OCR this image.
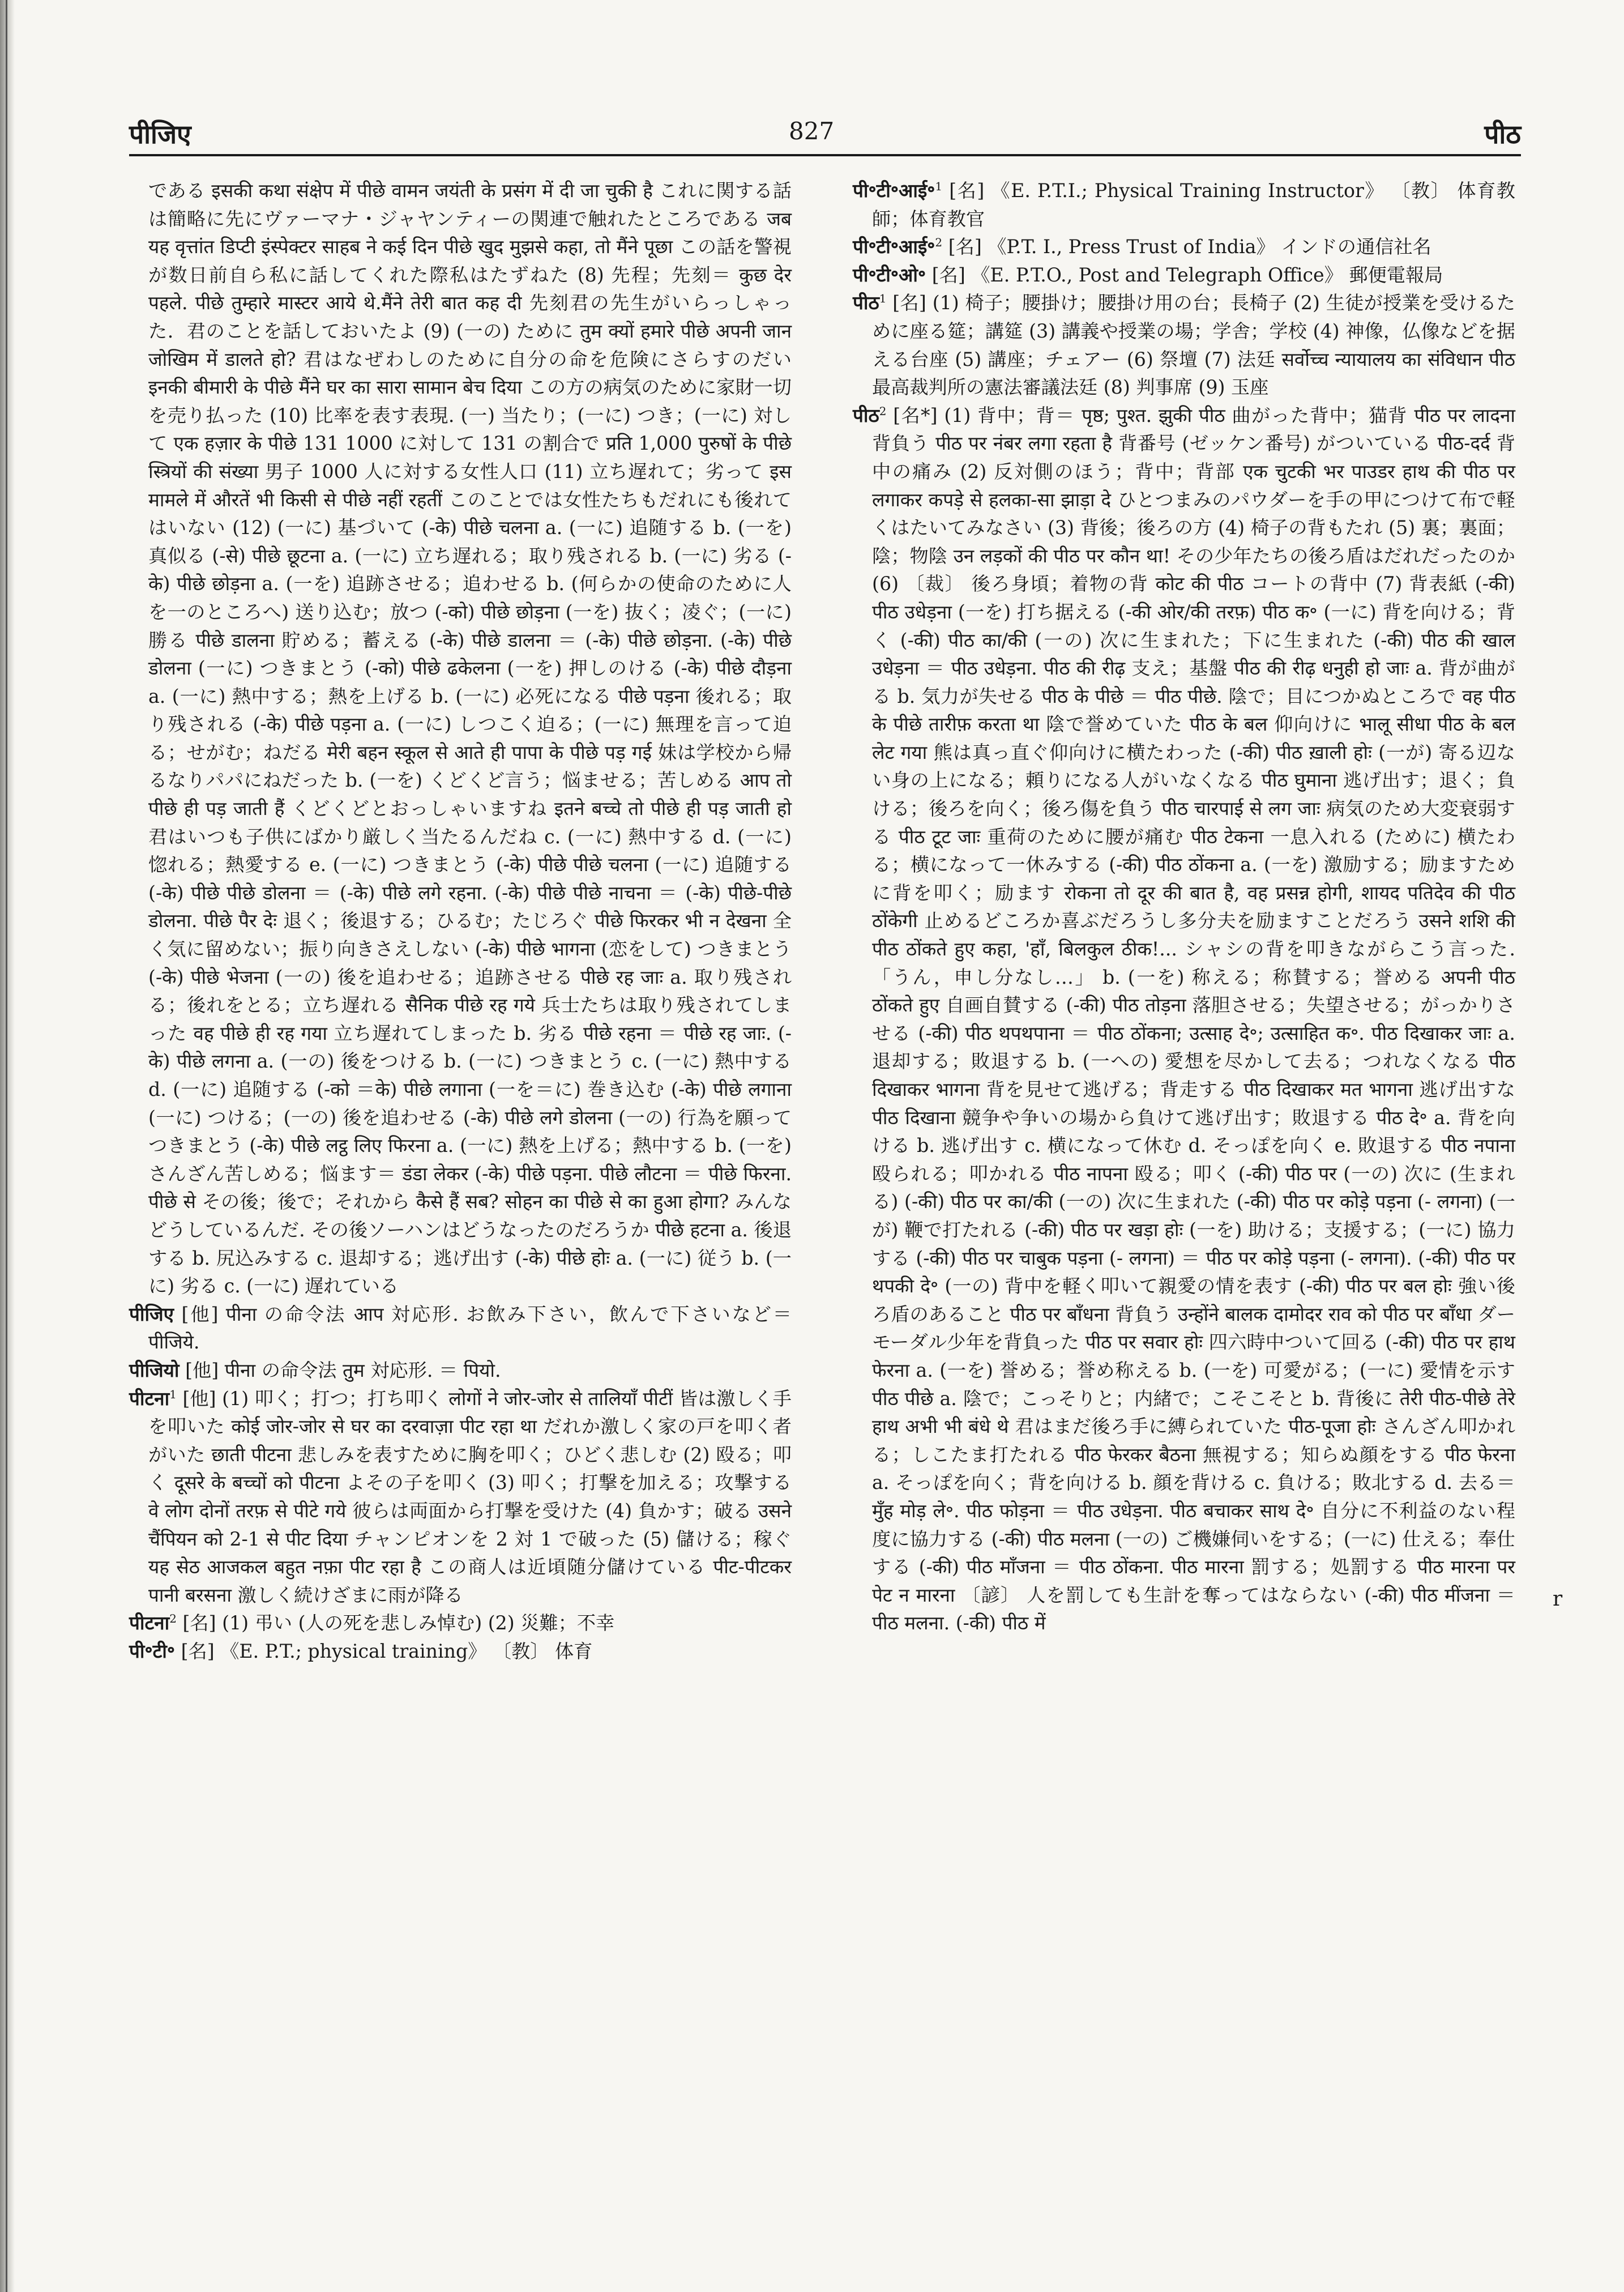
पीजिए	827	पीठ

である इसकी कथा संक्षेप में पीछे वामन जयंती के प्रसंग में दी जा चुकी है これに関する話は簡略に先にヴァーマナ・ジャヤンティーの関連で触れたところである जब यह वृत्तांत डिप्टी इंस्पेक्टर साहब ने कई दिन पीछे खुद मुझसे कहा, तो मैंने पूछा この話を警視が数日前自ら私に話してくれた際私はたずねた (8) 先程；先刻＝ कुछ देर पहले. पीछे तुम्हारे मास्टर आये थे.मैंने तेरी बात कह दी 先刻君の先生がいらっしゃった．君のことを話しておいたよ (9) (一の) ために तुम क्यों हमारे पीछे अपनी जान जोखिम में डालते हो? 君はなぜわしのために自分の命を危険にさらすのだい इनकी बीमारी के पीछे मैंने घर का सारा सामान बेच दिया この方の病気のために家財一切を売り払った (10) 比率を表す表現. (一) 当たり；(一に) つき；(一に) 対して एक हज़ार के पीछे 131 1000 に対して 131 の割合で प्रति 1,000 पुरुषों के पीछे स्त्रियों की संख्या 男子 1000 人に対する女性人口 (11) 立ち遅れて；劣って इस मामले में औरतें भी किसी से पीछे नहीं रहतीं このことでは女性たちもだれにも後れてはいない (12) (一に) 基づいて (-के) पीछे चलना a. (一に) 追随する b. (一を) 真似る (-से) पीछे छूटना a. (一に) 立ち遅れる；取り残される b. (一に) 劣る (-के) पीछे छोड़ना a. (一を) 追跡させる；追わせる b. (何らかの使命のために人を一のところへ) 送り込む；放つ (-को) पीछे छोड़ना (一を) 抜く；凌ぐ；(一に) 勝る पीछे डालना 貯める；蓄える (-के) पीछे डालना ＝ (-के) पीछे छोड़ना. (-के) पीछे डोलना (一に) つきまとう (-को) पीछे ढकेलना (一を) 押しのける (-के) पीछे दौड़ना a. (一に) 熱中する；熱を上げる b. (一に) 必死になる पीछे पड़ना 後れる；取り残される (-के) पीछे पड़ना a. (一に) しつこく迫る；(一に) 無理を言って迫る；せがむ；ねだる मेरी बहन स्कूल से आते ही पापा के पीछे पड़ गई 妹は学校から帰るなりパパにねだった b. (一を) くどくど言う；悩ませる；苦しめる आप तो पीछे ही पड़ जाती हैं くどくどとおっしゃいますね इतने बच्चे तो पीछे ही पड़ जाती हो 君はいつも子供にばかり厳しく当たるんだね c. (一に) 熱中する d. (一に) 惚れる；熱愛する e. (一に) つきまとう (-के) पीछे पीछे चलना (一に) 追随する (-के) पीछे पीछे डोलना ＝ (-के) पीछे लगे रहना. (-के) पीछे पीछे नाचना ＝ (-के) पीछे-पीछे डोलना. पीछे पैर देः 退く；後退する；ひるむ；たじろぐ पीछे फिरकर भी न देखना 全く気に留めない；振り向きさえしない (-के) पीछे भागना (恋をして) つきまとう (-के) पीछे भेजना (一の) 後を追わせる；追跡させる पीछे रह जाः a. 取り残される；後れをとる；立ち遅れる सैनिक पीछे रह गये 兵士たちは取り残されてしまった वह पीछे ही रह गया 立ち遅れてしまった b. 劣る पीछे रहना ＝ पीछे रह जाः. (-के) पीछे लगना a. (一の) 後をつける b. (一に) つきまとう c. (一に) 熱中する d. (一に) 追随する (-को ＝के) पीछे लगाना (一を＝に) 巻き込む (-के) पीछे लगाना (一に) つける；(一の) 後を追わせる (-के) पीछे लगे डोलना (一の) 行為を願ってつきまとう (-के) पीछे लट्ठ लिए फिरना a. (一に) 熱を上げる；熱中する b. (一を) さんざん苦しめる；悩ます＝ डंडा लेकर (-के) पीछे पड़ना. पीछे लौटना ＝ पीछे फिरना. पीछे से その後；後で；それから कैसे हैं सब? सोहन का पीछे से का हुआ होगा? みんなどうしているんだ. その後ソーハンはどうなったのだろうか पीछे हटना a. 後退する b. 尻込みする c. 退却する；逃げ出す (-के) पीछे होः a. (一に) 従う b. (一に) 劣る c. (一に) 遅れている

पीजिए [他] पीना の命令法 आप 対応形. お飲み下さい，飲んで下さいなど＝ पीजिये.

पीजियो [他] पीना の命令法 तुम 対応形. ＝ पियो.

पीटना$^1$ [他] (1) 叩く；打つ；打ち叩く लोगों ने जोर-जोर से तालियाँ पीटीं 皆は激しく手を叩いた कोई जोर-जोर से घर का दरवाज़ा पीट रहा था だれか激しく家の戸を叩く者がいた छाती पीटना 悲しみを表すために胸を叩く；ひどく悲しむ (2) 殴る；叩く दूसरे के बच्चों को पीटना よその子を叩く (3) 叩く；打撃を加える；攻撃する वे लोग दोनों तरफ़ से पीटे गये 彼らは両面から打撃を受けた (4) 負かす；破る उसने चैंपियन को 2-1 से पीट दिया チャンピオンを 2 対 1 で破った (5) 儲ける；稼ぐ यह सेठ आजकल बहुत नफ़ा पीट रहा है この商人は近頃随分儲けている पीट-पीटकर पानी बरसना 激しく続けざまに雨が降る

पीटना$^2$ [名] (1) 弔い (人の死を悲しみ悼む) (2) 災難；不幸

पी॰टी॰ [名] 《E. P.T.; physical training》 〔教〕 体育

पी॰टी॰आई॰$^1$ [名] 《E. P.T.I.; Physical Training Instructor》 〔教〕 体育教師；体育教官

पी॰टी॰आई॰$^2$ [名] 《P.T. I., Press Trust of India》 インドの通信社名

पी॰टी॰ओ॰ [名] 《E. P.T.O., Post and Telegraph Office》 郵便電報局

पीठ$^1$ [名] (1) 椅子；腰掛け；腰掛け用の台；長椅子 (2) 生徒が授業を受けるために座る筵；講筵 (3) 講義や授業の場；学舎；学校 (4) 神像，仏像などを据える台座 (5) 講座；チェアー (6) 祭壇 (7) 法廷 सर्वोच्च न्यायालय का संविधान पीठ 最高裁判所の憲法審議法廷 (8) 判事席 (9) 玉座

पीठ$^2$ [名*] (1) 背中；背＝ पृष्ठ; पुश्त. झुकी पीठ 曲がった背中；猫背 पीठ पर लादना 背負う पीठ पर नंबर लगा रहता है 背番号 (ゼッケン番号) がついている पीठ-दर्द 背中の痛み (2) 反対側のほう；背中；背部 एक चुटकी भर पाउडर हाथ की पीठ पर लगाकर कपड़े से हलका-सा झाड़ा दे ひとつまみのパウダーを手の甲につけて布で軽くはたいてみなさい (3) 背後；後ろの方 (4) 椅子の背もたれ (5) 裏；裏面；陰；物陰 उन लड़कों की पीठ पर कौन था! その少年たちの後ろ盾はだれだったのか (6) 〔裁〕 後ろ身頃；着物の背 कोट की पीठ コートの背中 (7) 背表紙 (-की) पीठ उधेड़ना (一を) 打ち据える (-की ओर/की तरफ़) पीठ क॰ (一に) 背を向ける；背く (-की) पीठ का/की (一の) 次に生まれた；下に生まれた (-की) पीठ की खाल उधेड़ना ＝ पीठ उधेड़ना. पीठ की रीढ़ 支え；基盤 पीठ की रीढ़ धनुही हो जाः a. 背が曲がる b. 気力が失せる पीठ के पीछे ＝ पीठ पीछे. 陰で；目につかぬところで वह पीठ के पीछे तारीफ़ करता था 陰で誉めていた पीठ के बल 仰向けに भालू सीधा पीठ के बल लेट गया 熊は真っ直ぐ仰向けに横たわった (-की) पीठ ख़ाली होः (一が) 寄る辺ない身の上になる；頼りになる人がいなくなる पीठ घुमाना 逃げ出す；退く；負ける；後ろを向く；後ろ傷を負う पीठ चारपाई से लग जाः 病気のため大変衰弱する पीठ टूट जाः 重荷のために腰が痛む पीठ टेकना 一息入れる (ために) 横たわる；横になって一休みする (-की) पीठ ठोंकना a. (一を) 激励する；励ますために背を叩く；励ます रोकना तो दूर की बात है, वह प्रसन्न होगी, शायद पतिदेव की पीठ ठोंकेगी 止めるどころか喜ぶだろうし多分夫を励ますことだろう उसने शशि की पीठ ठोंकते हुए कहा, 'हाँ, बिलकुल ठीक!... シャシの背を叩きながらこう言った.「うん，申し分なし…」 b. (一を) 称える；称賛する；誉める अपनी पीठ ठोंकते हुए 自画自賛する (-की) पीठ तोड़ना 落胆させる；失望させる；がっかりさせる (-की) पीठ थपथपाना ＝ पीठ ठोंकना; उत्साह दे॰; उत्साहित क॰. पीठ दिखाकर जाः a. 退却する；敗退する b. (一への) 愛想を尽かして去る；つれなくなる पीठ दिखाकर भागना 背を見せて逃げる；背走する पीठ दिखाकर मत भागना 逃げ出すな पीठ दिखाना 競争や争いの場から負けて逃げ出す；敗退する पीठ दे॰ a. 背を向ける b. 逃げ出す c. 横になって休む d. そっぽを向く e. 敗退する पीठ नपाना 殴られる；叩かれる पीठ नापना 殴る；叩く (-की) पीठ पर (一の) 次に (生まれる) (-की) पीठ पर का/की (一の) 次に生まれた (-की) पीठ पर कोड़े पड़ना (- लगना) (一が) 鞭で打たれる (-की) पीठ पर खड़ा होः (一を) 助ける；支援する；(一に) 協力する (-की) पीठ पर चाबुक पड़ना (- लगना) ＝ पीठ पर कोड़े पड़ना (- लगना). (-की) पीठ पर थपकी दे॰ (一の) 背中を軽く叩いて親愛の情を表す (-की) पीठ पर बल होः 強い後ろ盾のあること पीठ पर बाँधना 背負う उन्होंने बालक दामोदर राव को पीठ पर बाँधा ダーモーダル少年を背負った पीठ पर सवार होः 四六時中ついて回る (-की) पीठ पर हाथ फेरना a. (一を) 誉める；誉め称える b. (一を) 可愛がる；(一に) 愛情を示す पीठ पीछे a. 陰で；こっそりと；内緒で；こそこそと b. 背後に तेरी पीठ-पीछे तेरे हाथ अभी भी बंधे थे 君はまだ後ろ手に縛られていた पीठ-पूजा होः さんざん叩かれる；しこたま打たれる पीठ फेरकर बैठना 無視する；知らぬ顔をする पीठ फेरना a. そっぽを向く；背を向ける b. 顔を背ける c. 負ける；敗北する d. 去る＝ मुँह मोड़ ले॰. पीठ फोड़ना ＝ पीठ उधेड़ना. पीठ बचाकर साथ दे॰ 自分に不利益のない程度に協力する (-की) पीठ मलना (一の) ご機嫌伺いをする；(一に) 仕える；奉仕する (-की) पीठ माँजना ＝ पीठ ठोंकना. पीठ मारना 罰する；処罰する पीठ मारना पर पेट न मारना 〔諺〕 人を罰しても生計を奪ってはならない (-की) पीठ मींजना ＝ पीठ मलना. (-की) पीठ में

r
